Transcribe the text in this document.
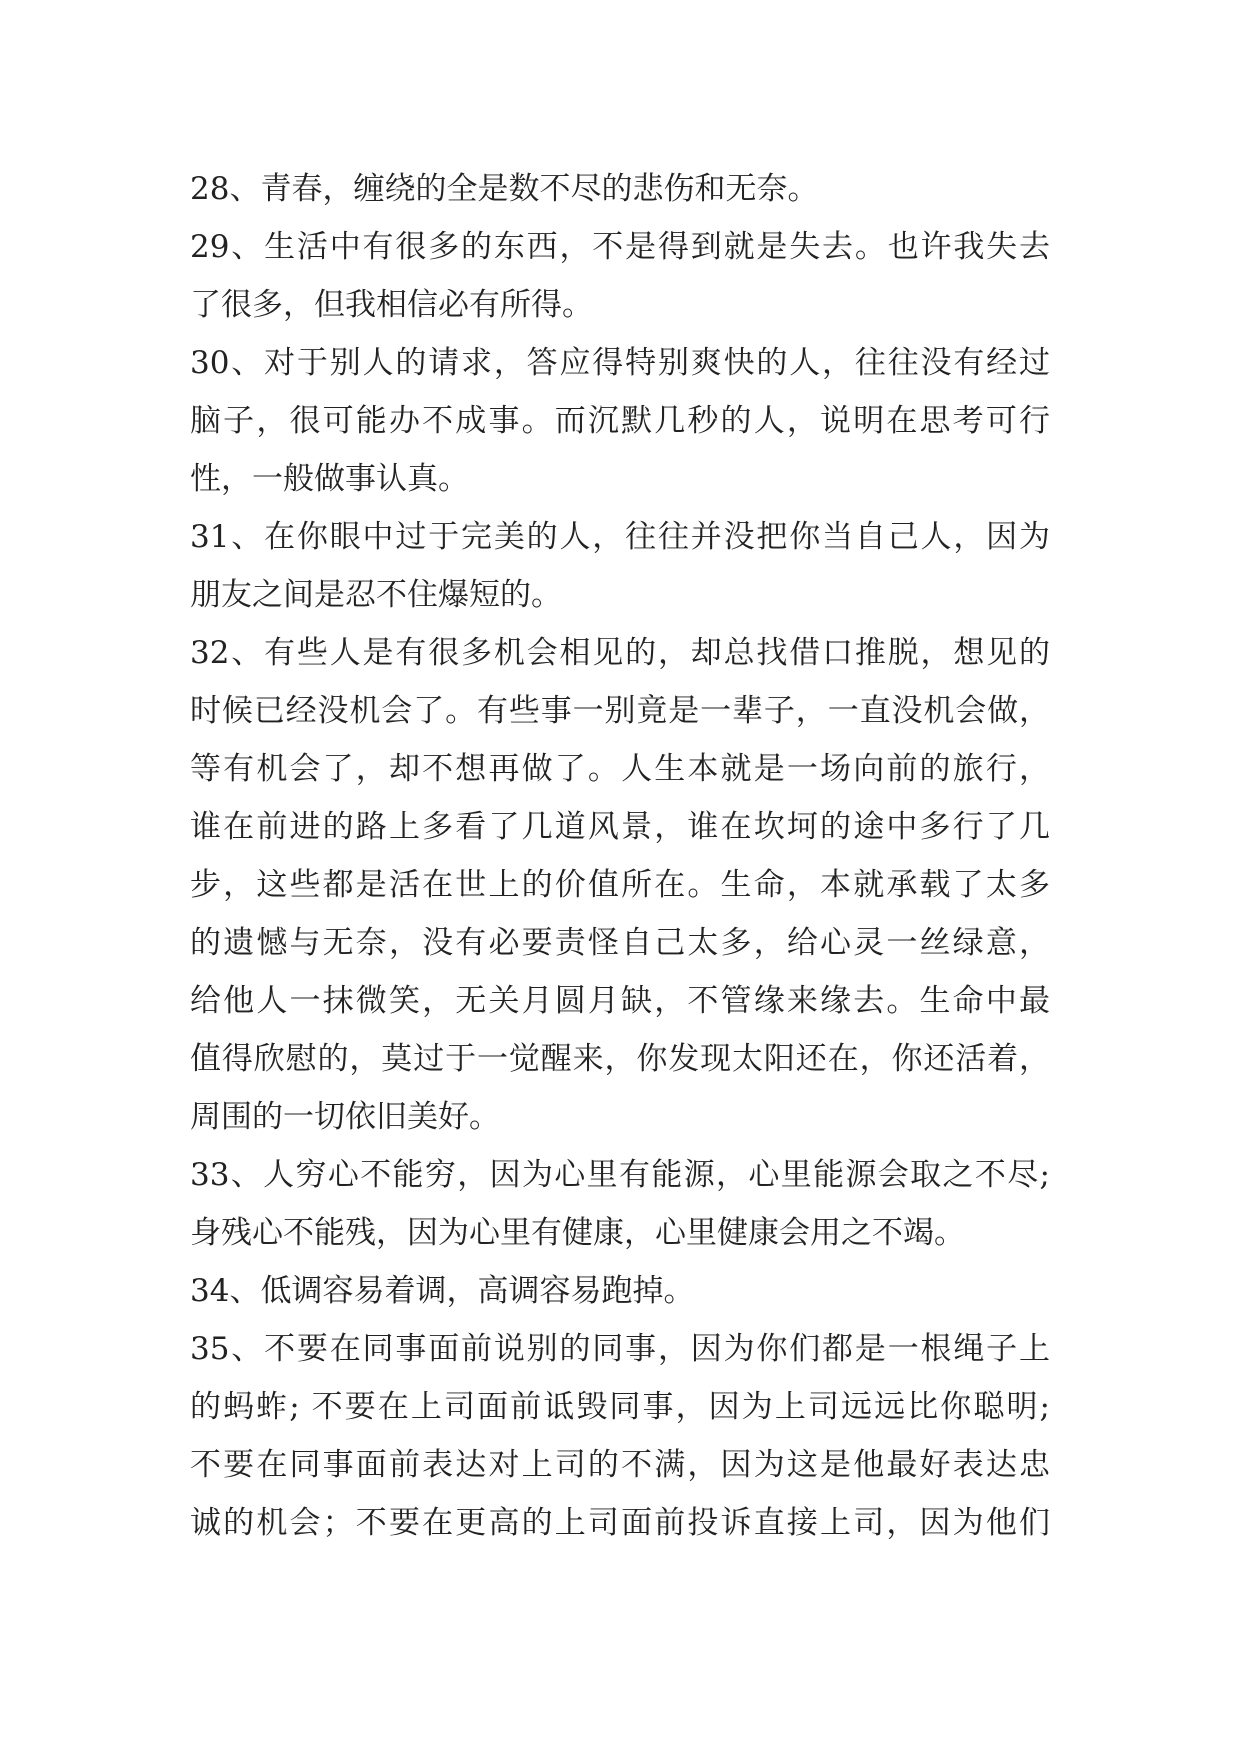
28、青春，缠绕的全是数不尽的悲伤和无奈。
29、生活中有很多的东西，不是得到就是失去。也许我失去
了很多，但我相信必有所得。
30、对于别人的请求，答应得特别爽快的人，往往没有经过
脑子，很可能办不成事。而沉默几秒的人，说明在思考可行
性，一般做事认真。
31、在你眼中过于完美的人，往往并没把你当自己人，因为
朋友之间是忍不住爆短的。
32、有些人是有很多机会相见的，却总找借口推脱，想见的
时候已经没机会了。有些事一别竟是一辈子，一直没机会做，
等有机会了，却不想再做了。人生本就是一场向前的旅行，
谁在前进的路上多看了几道风景，谁在坎坷的途中多行了几
步，这些都是活在世上的价值所在。生命，本就承载了太多
的遗憾与无奈，没有必要责怪自己太多，给心灵一丝绿意，
给他人一抹微笑，无关月圆月缺，不管缘来缘去。生命中最
值得欣慰的，莫过于一觉醒来，你发现太阳还在，你还活着，
周围的一切依旧美好。
33、人穷心不能穷，因为心里有能源，心里能源会取之不尽;
身残心不能残，因为心里有健康，心里健康会用之不竭。
34、低调容易着调，高调容易跑掉。
35、不要在同事面前说别的同事，因为你们都是一根绳子上
的蚂蚱; 不要在上司面前诋毁同事，因为上司远远比你聪明;
不要在同事面前表达对上司的不满，因为这是他最好表达忠
诚的机会；不要在更高的上司面前投诉直接上司，因为他们
